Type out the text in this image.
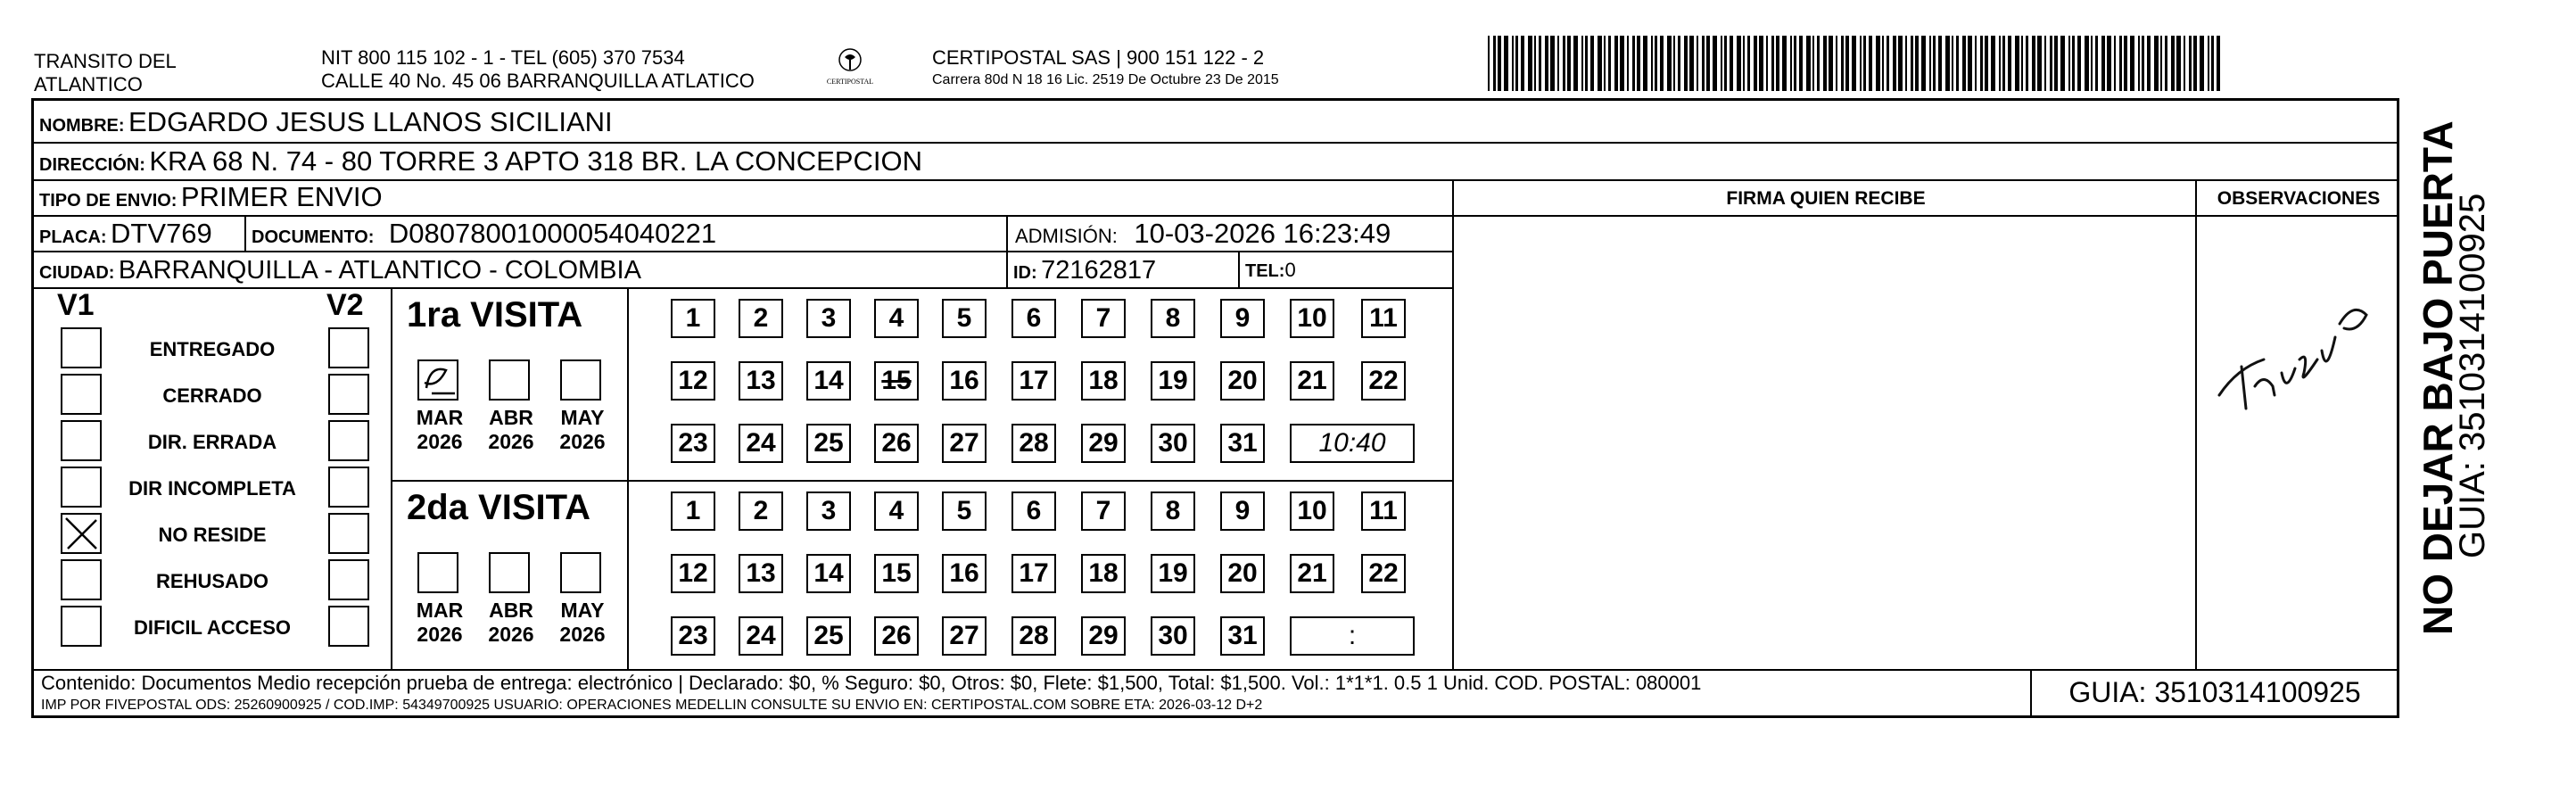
TRANSITO DEL
ATLANTICO
NIT 800 115 102 - 1 - TEL (605) 370 7534
CALLE 40 No. 45 06 BARRANQUILLA ATLATICO	CERTIPOSTAL
CERTIPOSTAL SAS | 900 151 122 - 2
Carrera 80d N 18 16 Lic. 2519 De Octubre 23 De 2015
NOMBRE: EDGARDO JESUS LLANOS SICILIANI
DIRECCIÓN: KRA 68 N. 74 - 80 TORRE 3 APTO 318 BR. LA CONCEPCION
TIPO DE ENVIO: PRIMER ENVIO	FIRMA QUIEN RECIBE	OBSERVACIONES
PLACA: DTV769 DOCUMENTO: D08078001000054040221	ADMISIÓN: 10-03-2026 16:23:49
CIUDAD: BARRANQUILLA - ATLANTICO - COLOMBIA	ID: 72162817	TEL:0
V1	V2
ENTREGADO
CERRADO
DIR. ERRADA
DIR INCOMPLETA
NO RESIDE
REHUSADO
DIFICIL ACCESO
1ra VISITA
2da VISITA
MAR
2026
ABR
2026
MAY
2026
MAR
2026
ABR
2026
MAY
2026
1	2	3	4	5	6	7	8	9	10	11
12 13 14 15 16 17 18 19 20 21 22
23 24 25 26 27 28 29 30 31	10:40
1	2	3	4	5	6	7	8	9	10	11
12 13 14 15 16 17 18 19 20 21 22
23 24 25 26 27 28 29 30 31	:
Contenido: Documentos Medio recepción prueba de entrega: electrónico | Declarado: $0, % Seguro: $0, Otros: $0, Flete: $1,500, Total: $1,500. Vol.: 1*1*1. 0.5 1 Unid. COD. POSTAL: 080001
IMP POR FIVEPOSTAL ODS: 25260900925 / COD.IMP: 54349700925 USUARIO: OPERACIONES MEDELLIN CONSULTE SU ENVIO EN: CERTIPOSTAL.COM SOBRE ETA: 2026-03-12 D+2	GUIA: 3510314100925
NO DEJAR BAJO PUERTA
GUIA: 3510314100925
